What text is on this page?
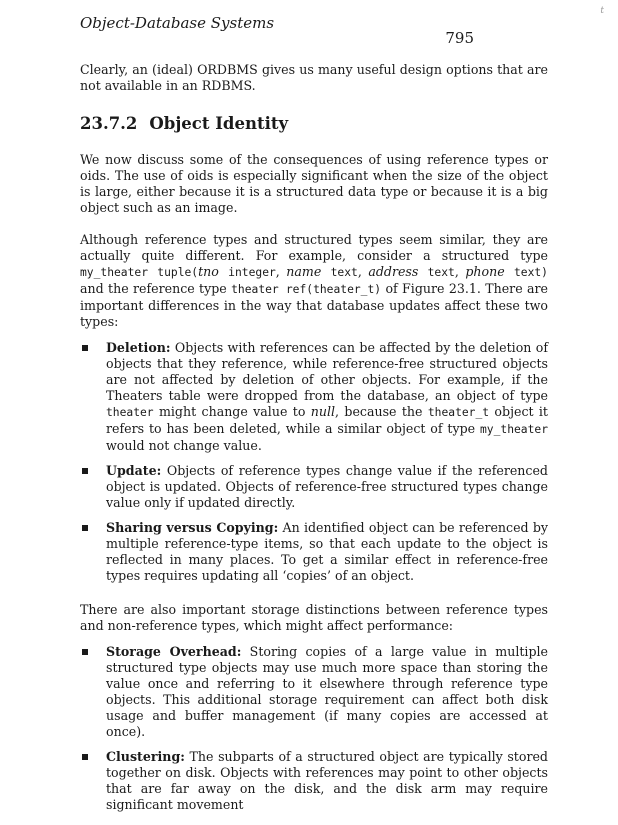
Object-Database Systems
795
t

Clearly, an (ideal) ORDBMS gives us many useful design options that are not available in an RDBMS.

23.7.2 Object Identity

We now discuss some of the consequences of using reference types or oids. The use of oids is especially significant when the size of the object is large, either because it is a structured data type or because it is a big object such as an image.

Although reference types and structured types seem similar, they are actually quite different. For example, consider a structured type my_theater tuple(tno integer, name text, address text, phone text) and the reference type theater ref(theater_t) of Figure 23.1. There are important differences in the way that database updates affect these two types:

Deletion: Objects with references can be affected by the deletion of objects that they reference, while reference-free structured objects are not affected by deletion of other objects. For example, if the Theaters table were dropped from the database, an object of type theater might change value to null, because the theater_t object it refers to has been deleted, while a similar object of type my_theater would not change value.
Update: Objects of reference types change value if the referenced object is updated. Objects of reference-free structured types change value only if updated directly.
Sharing versus Copying: An identified object can be referenced by multiple reference-type items, so that each update to the object is reflected in many places. To get a similar effect in reference-free types requires updating all ‘copies’ of an object.

There are also important storage distinctions between reference types and non-reference types, which might affect performance:

Storage Overhead: Storing copies of a large value in multiple structured type objects may use much more space than storing the value once and referring to it elsewhere through reference type objects. This additional storage requirement can affect both disk usage and buffer management (if many copies are accessed at once).
Clustering: The subparts of a structured object are typically stored together on disk. Objects with references may point to other objects that are far away on the disk, and the disk arm may require significant movement
